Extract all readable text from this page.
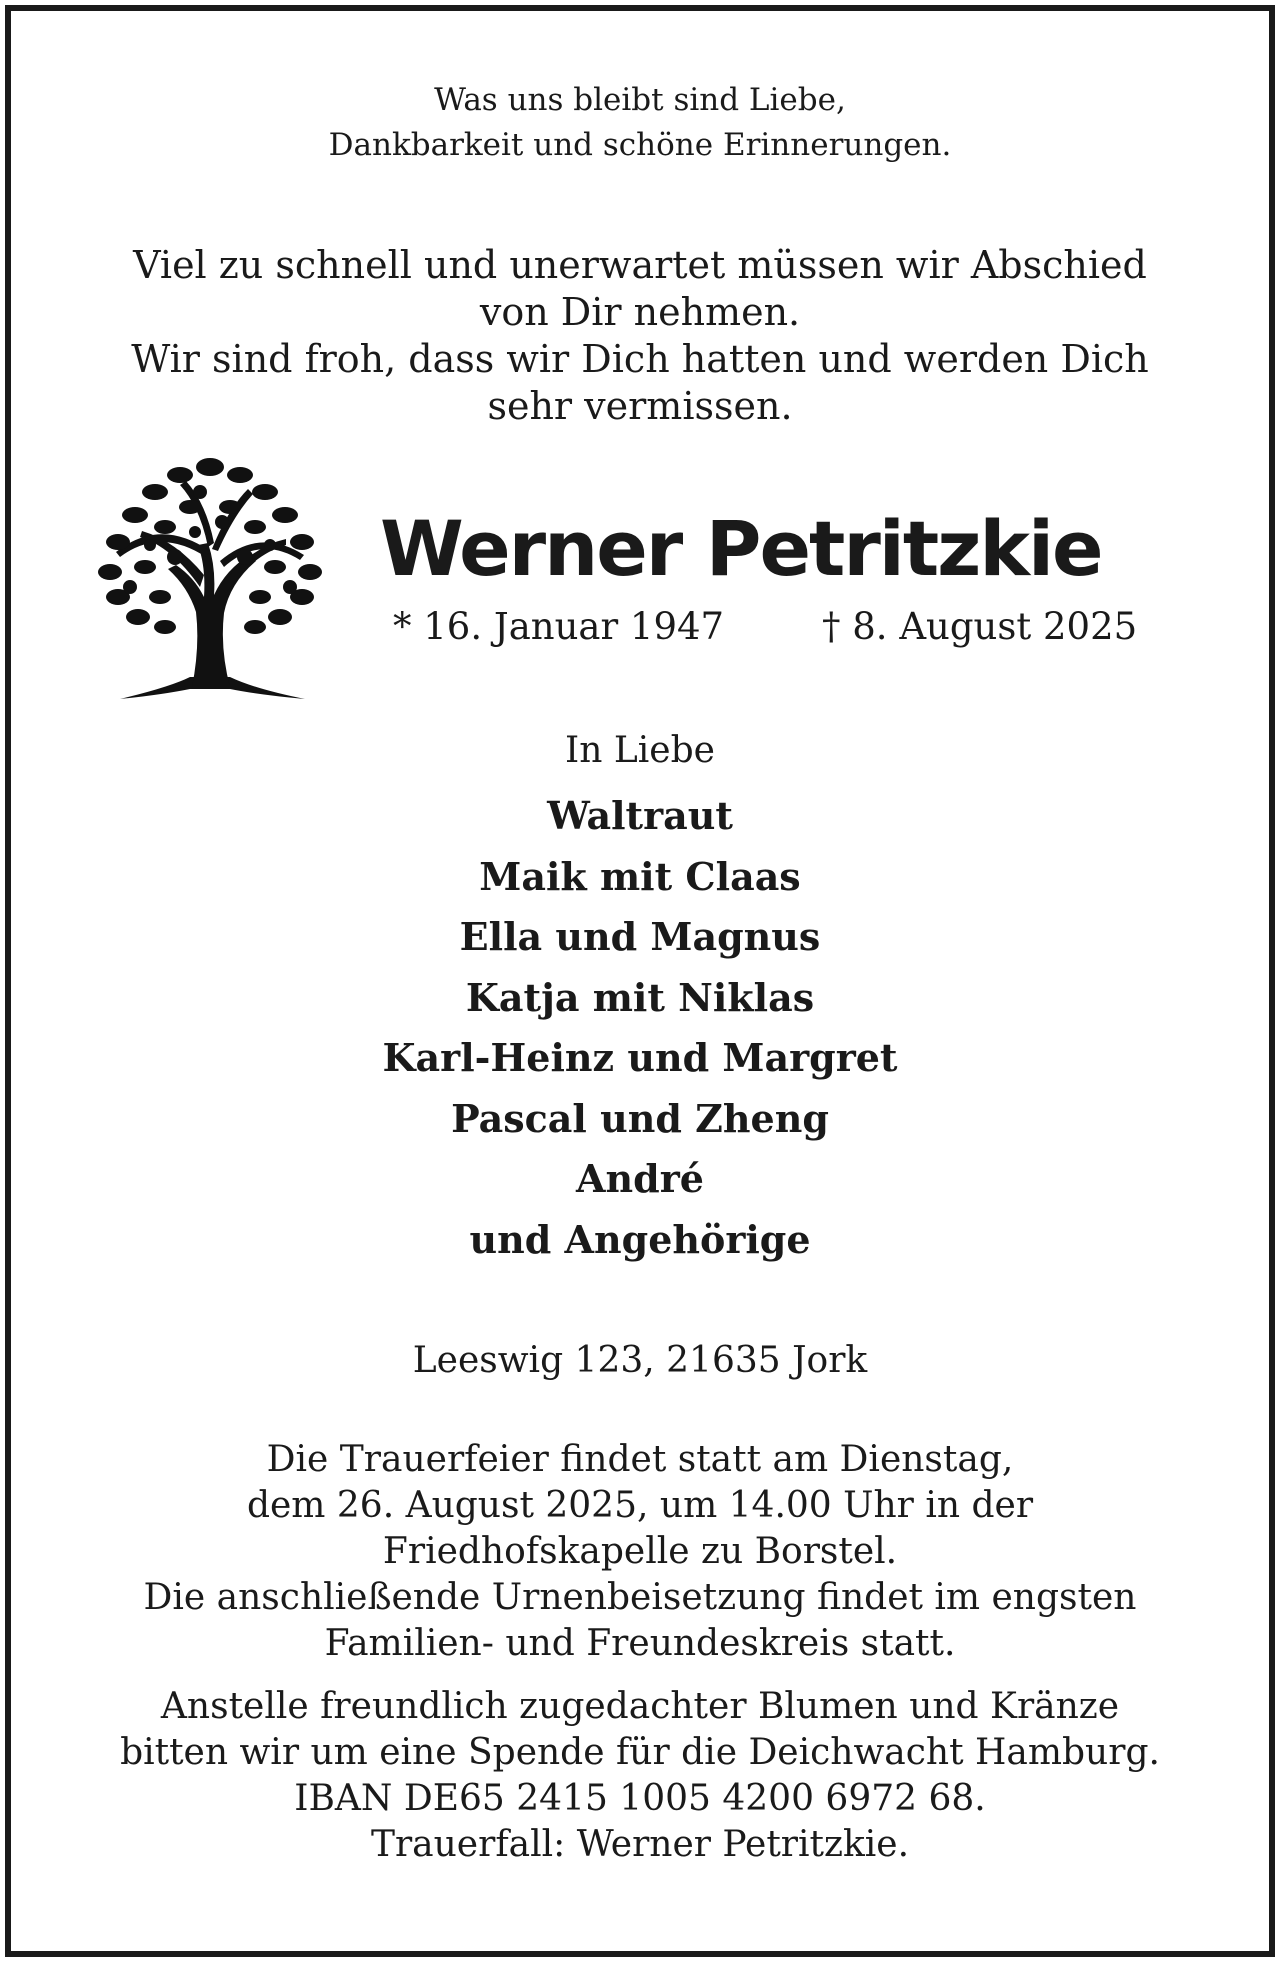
Was uns bleibt sind Liebe,
Dankbarkeit und schöne Erinnerungen.
Viel zu schnell und unerwartet müssen wir Abschied
von Dir nehmen.
Wir sind froh, dass wir Dich hatten und werden Dich
sehr vermissen.
Werner Petritzkie
* 16. Januar 1947	† 8. August 2025
In Liebe
Waltraut
Maik mit Claas
Ella und Magnus
Katja mit Niklas
Karl-Heinz und Margret
Pascal und Zheng
André
und Angehörige
Leeswig 123, 21635 Jork
Die Trauerfeier findet statt am Dienstag,
dem 26. August 2025, um 14.00 Uhr in der
Friedhofskapelle zu Borstel.
Die anschließende Urnenbeisetzung findet im engsten
Familien- und Freundeskreis statt.
Anstelle freundlich zugedachter Blumen und Kränze
bitten wir um eine Spende für die Deichwacht Hamburg.
IBAN DE65 2415 1005 4200 6972 68.
Trauerfall: Werner Petritzkie.
